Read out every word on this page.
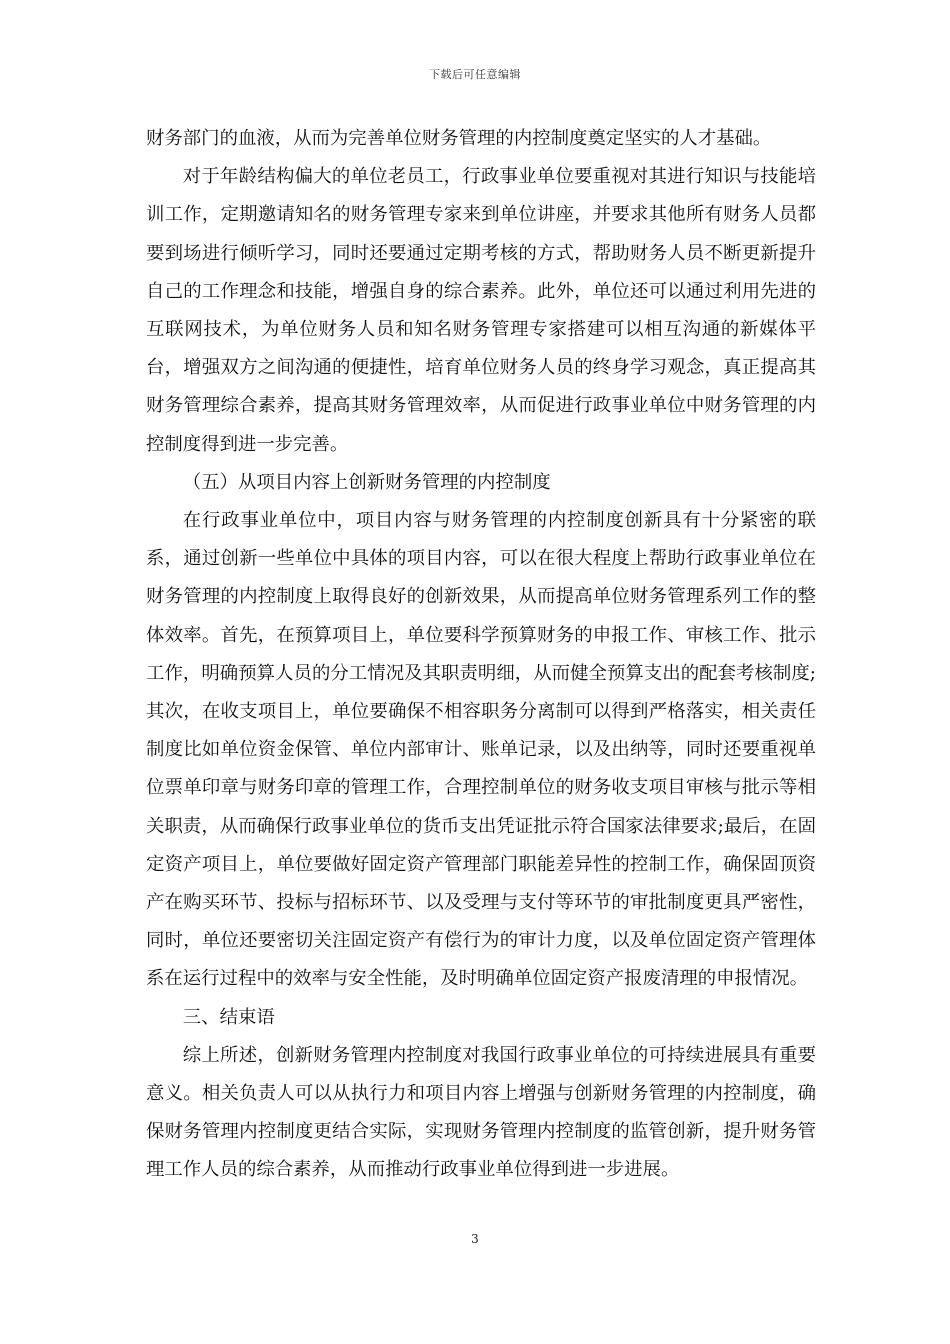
下载后可任意编辑

财务部门的血液，从而为完善单位财务管理的内控制度奠定坚实的人才基础。

对于年龄结构偏大的单位老员工，行政事业单位要重视对其进行知识与技能培训工作，定期邀请知名的财务管理专家来到单位讲座，并要求其他所有财务人员都要到场进行倾听学习，同时还要通过定期考核的方式，帮助财务人员不断更新提升自己的工作理念和技能，增强自身的综合素养。此外，单位还可以通过利用先进的互联网技术，为单位财务人员和知名财务管理专家搭建可以相互沟通的新媒体平台，增强双方之间沟通的便捷性，培育单位财务人员的终身学习观念，真正提高其财务管理综合素养，提高其财务管理效率，从而促进行政事业单位中财务管理的内控制度得到进一步完善。

（五）从项目内容上创新财务管理的内控制度

在行政事业单位中，项目内容与财务管理的内控制度创新具有十分紧密的联系，通过创新一些单位中具体的项目内容，可以在很大程度上帮助行政事业单位在财务管理的内控制度上取得良好的创新效果，从而提高单位财务管理系列工作的整体效率。首先，在预算项目上，单位要科学预算财务的申报工作、审核工作、批示工作，明确预算人员的分工情况及其职责明细，从而健全预算支出的配套考核制度;其次，在收支项目上，单位要确保不相容职务分离制可以得到严格落实，相关责任制度比如单位资金保管、单位内部审计、账单记录，以及出纳等，同时还要重视单位票单印章与财务印章的管理工作，合理控制单位的财务收支项目审核与批示等相关职责，从而确保行政事业单位的货币支出凭证批示符合国家法律要求;最后，在固定资产项目上，单位要做好固定资产管理部门职能差异性的控制工作，确保固顶资产在购买环节、投标与招标环节、以及受理与支付等环节的审批制度更具严密性，同时，单位还要密切关注固定资产有偿行为的审计力度，以及单位固定资产管理体系在运行过程中的效率与安全性能，及时明确单位固定资产报废清理的申报情况。

三、结束语

综上所述，创新财务管理内控制度对我国行政事业单位的可持续进展具有重要意义。相关负责人可以从执行力和项目内容上增强与创新财务管理的内控制度，确保财务管理内控制度更结合实际，实现财务管理内控制度的监管创新，提升财务管理工作人员的综合素养，从而推动行政事业单位得到进一步进展。

3
